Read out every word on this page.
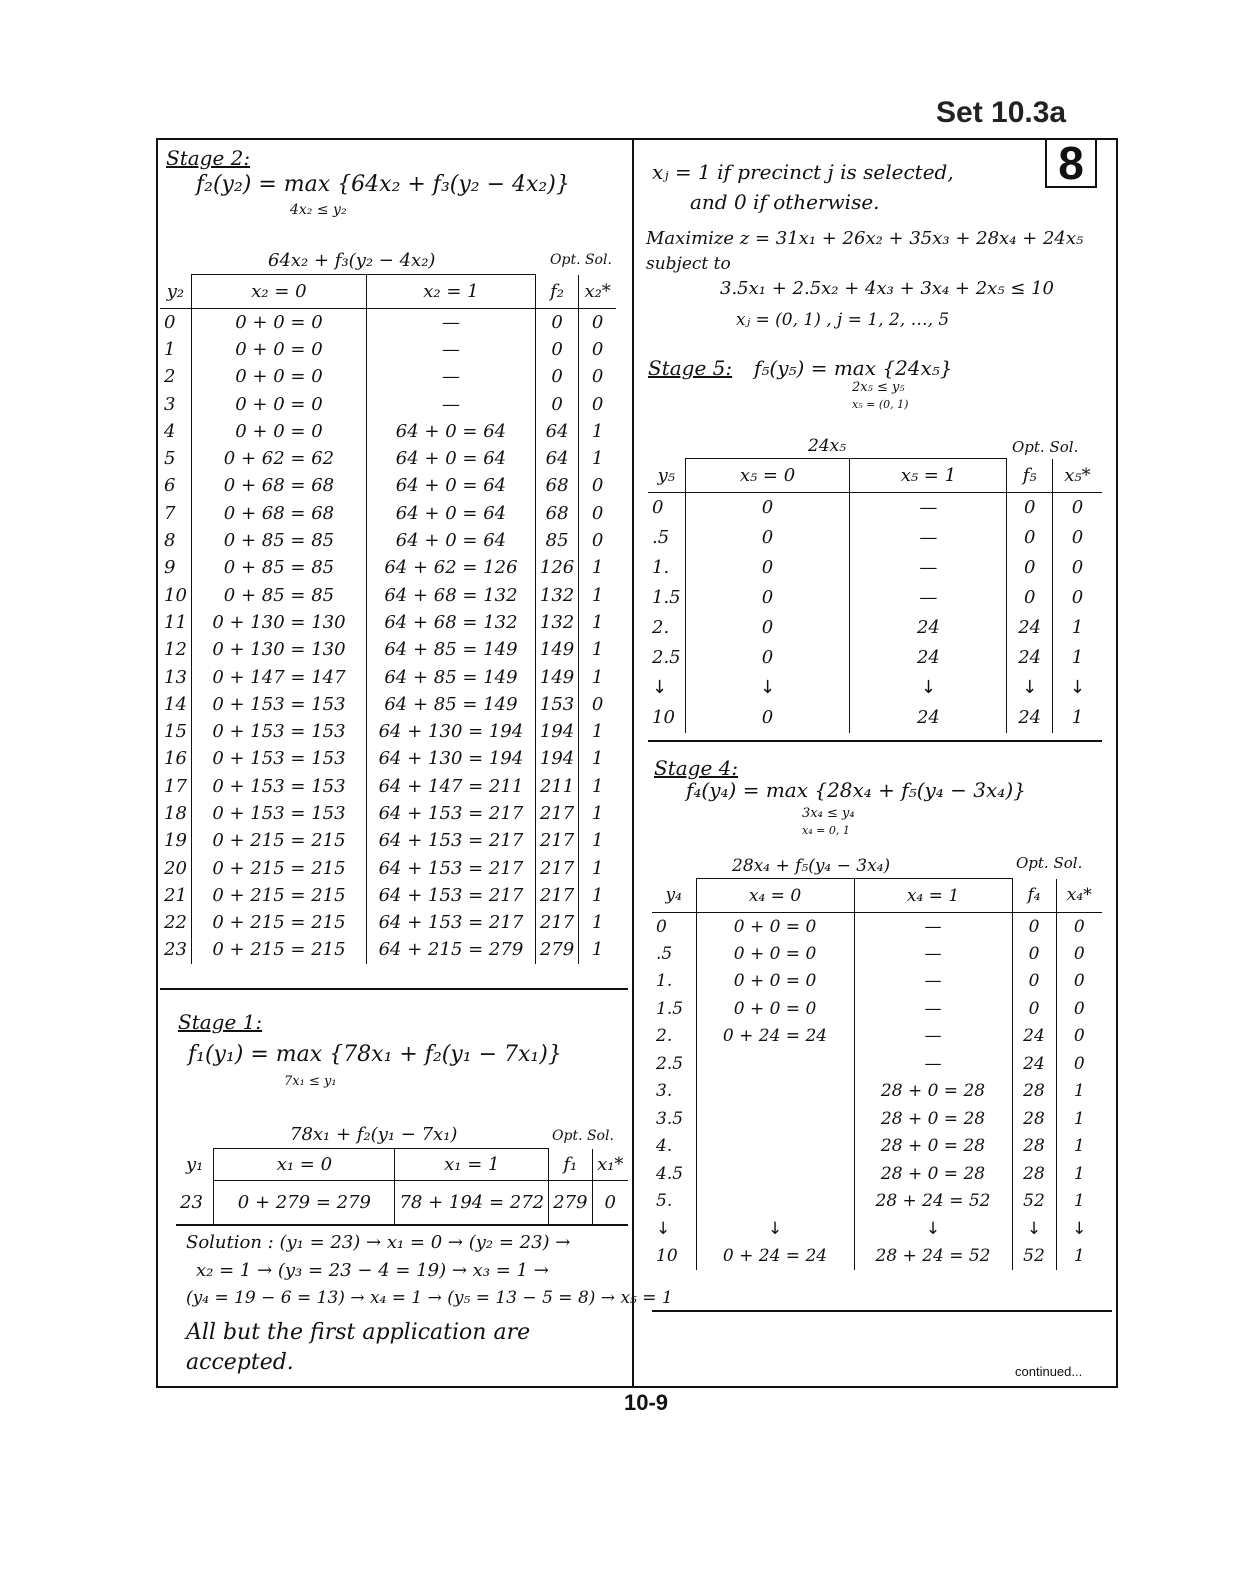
Set 10.3a
8
10-9
continued...
Stage 2:
f₂(y₂) = max {64x₂ + f₃(y₂ − 4x₂)}
4x₂ ≤ y₂
64x₂ + f₃(y₂ − 4x₂)	Opt. Sol.
y₂	x₂ = 0	x₂ = 1	f₂	x₂*
0	0 + 0 = 0	—	0	0
1	0 + 0 = 0	—	0	0
2	0 + 0 = 0	—	0	0
3	0 + 0 = 0	—	0	0
4	0 + 0 = 0	64 + 0 = 64	64	1
5	0 + 62 = 62	64 + 0 = 64	64	1
6	0 + 68 = 68	64 + 0 = 64	68	0
7	0 + 68 = 68	64 + 0 = 64	68	0
8	0 + 85 = 85	64 + 0 = 64	85	0
9	0 + 85 = 85	64 + 62 = 126	126	1
10	0 + 85 = 85	64 + 68 = 132	132	1
11	0 + 130 = 130	64 + 68 = 132	132	1
12	0 + 130 = 130	64 + 85 = 149	149	1
13	0 + 147 = 147	64 + 85 = 149	149	1
14	0 + 153 = 153	64 + 85 = 149	153	0
15	0 + 153 = 153	64 + 130 = 194	194	1
16	0 + 153 = 153	64 + 130 = 194	194	1
17	0 + 153 = 153	64 + 147 = 211	211	1
18	0 + 153 = 153	64 + 153 = 217	217	1
19	0 + 215 = 215	64 + 153 = 217	217	1
20	0 + 215 = 215	64 + 153 = 217	217	1
21	0 + 215 = 215	64 + 153 = 217	217	1
22	0 + 215 = 215	64 + 153 = 217	217	1
23	0 + 215 = 215	64 + 215 = 279	279	1
Stage 1:
f₁(y₁) = max {78x₁ + f₂(y₁ − 7x₁)}
7x₁ ≤ y₁
78x₁ + f₂(y₁ − 7x₁)	Opt. Sol.
y₁	x₁ = 0	x₁ = 1	f₁	x₁*
23	0 + 279 = 279	78 + 194 = 272	279	0
Solution : (y₁ = 23) → x₁ = 0 → (y₂ = 23) →
x₂ = 1 → (y₃ = 23 − 4 = 19) → x₃ = 1 →
(y₄ = 19 − 6 = 13) → x₄ = 1 → (y₅ = 13 − 5 = 8) → x₅ = 1
All but the first application are
accepted.
xⱼ = 1 if precinct j is selected,
and 0 if otherwise.
Maximize z = 31x₁ + 26x₂ + 35x₃ + 28x₄ + 24x₅
subject to
3.5x₁ + 2.5x₂ + 4x₃ + 3x₄ + 2x₅ ≤ 10
xⱼ = (0, 1) , j = 1, 2, …, 5
Stage 5: f₅(y₅) = max {24x₅}
2x₅ ≤ y₅
x₅ = (0, 1)
24x₅	Opt. Sol.
y₅	x₅ = 0	x₅ = 1	f₅	x₅*
0	0	—	0	0
.5	0	—	0	0
1.	0	—	0	0
1.5	0	—	0	0
2.	0	24	24	1
2.5	0	24	24	1
↓	↓	↓	↓	↓
10	0	24	24	1
Stage 4:
f₄(y₄) = max {28x₄ + f₅(y₄ − 3x₄)}
3x₄ ≤ y₄
x₄ = 0, 1
28x₄ + f₅(y₄ − 3x₄)	Opt. Sol.
y₄	x₄ = 0	x₄ = 1	f₄	x₄*
0	0 + 0 = 0	—	0	0
.5	0 + 0 = 0	—	0	0
1.	0 + 0 = 0	—	0	0
1.5	0 + 0 = 0	—	0	0
2.	0 + 24 = 24	—	24	0
2.5		—	24	0
3.		28 + 0 = 28	28	1
3.5		28 + 0 = 28	28	1
4.		28 + 0 = 28	28	1
4.5		28 + 0 = 28	28	1
5.		28 + 24 = 52	52	1
↓	↓	↓	↓	↓
10	0 + 24 = 24	28 + 24 = 52	52	1
